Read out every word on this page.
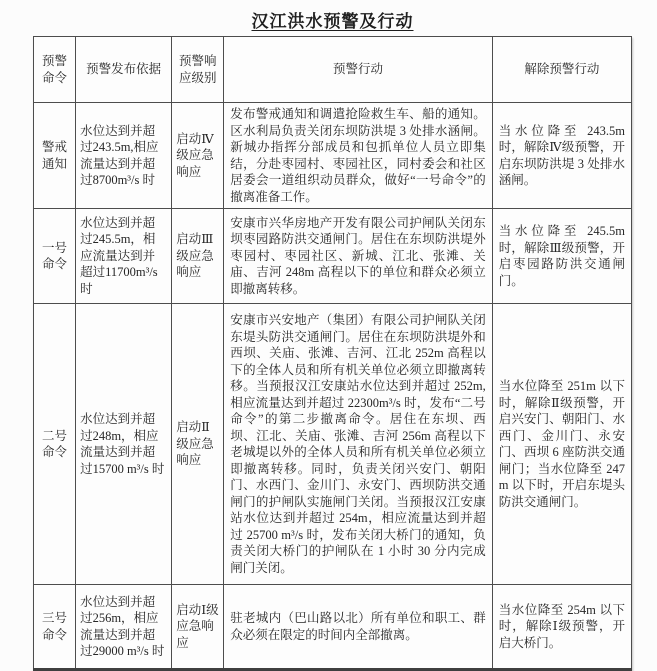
汉江洪水预警及行动
预警命令	预警发布依据	预警响应级别	预警行动	解除预警行动
警戒通知	水位达到并超过243.5m,相应流量达到并超过8700m³/s 时	启动Ⅳ级应急响应	发布警戒通知和调遣抢险救生车、船的通知。区水利局负责关闭东坝防洪堤 3 处排水涵闸。新城办指挥分部成员和包抓单位人员立即集结，分赴枣园村、枣园社区，同村委会和社区居委会一道组织动员群众，做好“一号命令”的撤离准备工作。	当水位降至 243.5m 时，解除Ⅳ级预警，开启东坝防洪堤 3 处排水涵闸。
一号命令	水位达到并超过245.5m，相应流量达到并超过11700m³/s 时	启动Ⅲ级应急响应	安康市兴华房地产开发有限公司护闸队关闭东坝枣园路防洪交通闸门。居住在东坝防洪堤外枣园村、枣园社区、新城、江北、张滩、关庙、吉河 248m 高程以下的单位和群众必须立即撤离转移。	当水位降至 245.5m 时，解除Ⅲ级预警，开启枣园路防洪交通闸门。
二号命令	水位达到并超过248m，相应流量达到并超过15700 m³/s 时	启动Ⅱ级应急响应	安康市兴安地产（集团）有限公司护闸队关闭东堤头防洪交通闸门。居住在东坝防洪堤外和西坝、关庙、张滩、吉河、江北 252m 高程以下的全体人员和所有机关单位必须立即撤离转移。当预报汉江安康站水位达到并超过 252m, 相应流量达到并超过 22300m³/s 时，发布“二号命令”的第二步撤离命令。居住在东坝、西坝、江北、关庙、张滩、吉河 256m 高程以下老城堤以外的全体人员和所有机关单位必须立即撤离转移。同时，负责关闭兴安门、朝阳门、水西门、金川门、永安门、西坝防洪交通闸门的护闸队实施闸门关闭。当预报汉江安康站水位达到并超过 254m，相应流量达到并超过 25700 m³/s 时，发布关闭大桥门的通知，负责关闭大桥门的护闸队在 1 小时 30 分内完成闸门关闭。	当水位降至 251m 以下时，解除Ⅱ级预警，开启兴安门、朝阳门、水西门、金川门、永安门、西坝 6 座防洪交通闸门；当水位降至 247m 以下时，开启东堤头防洪交通闸门。
三号命令	水位达到并超过256m，相应流量达到并超过29000 m³/s 时	启动Ⅰ级应急响应	驻老城内（巴山路以北）所有单位和职工、群众必须在限定的时间内全部撤离。	当水位降至 254m 以下时，解除Ⅰ级预警，开启大桥门。
